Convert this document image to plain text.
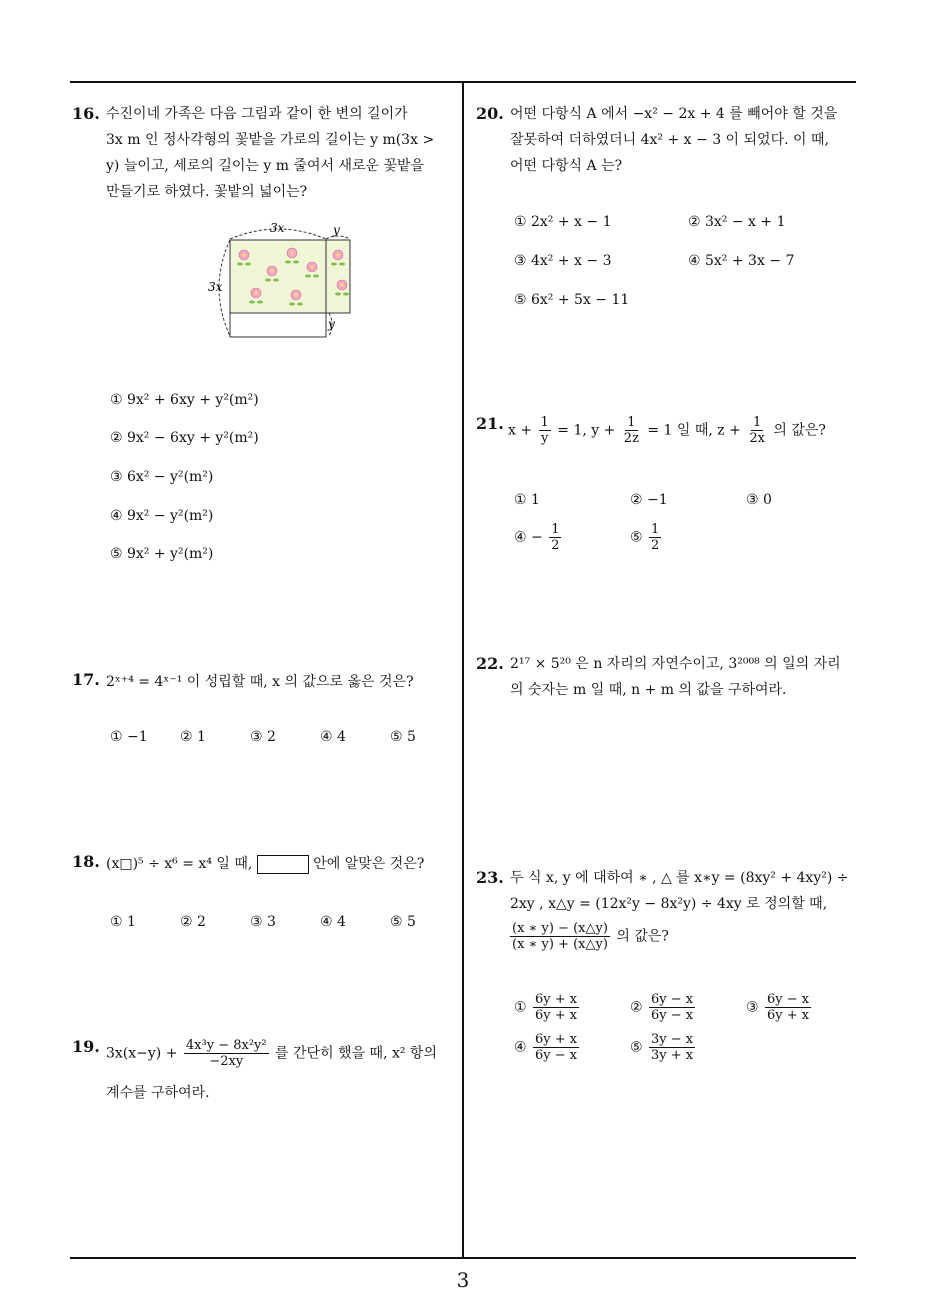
3
16. 수진이네 가족은 다음 그림과 같이 한 변의 길이가
3x m 인 정사각형의 꽃밭을 가로의 길이는 y m(3x >
y) 늘이고, 세로의 길이는 y m 줄여서 새로운 꽃밭을
만들기로 하였다. 꽃밭의 넓이는?
3x	y
3x
y
① 9x² + 6xy + y²(m²)
② 9x² − 6xy + y²(m²)
③ 6x² − y²(m²)
④ 9x² − y²(m²)
⑤ 9x² + y²(m²)
17. 2ˣ⁺⁴ = 4ˣ⁻¹ 이 성립할 때, x 의 값으로 옳은 것은?
① −1 ② 1	③ 2	④ 4	⑤ 5
18. (x□)⁵ ÷ x⁶ = x⁴ 일 때,	안에 알맞은 것은?
① 1	② 2	③ 3	④ 4	⑤ 5
19. $3x(x-y) + \frac{\text{4x³y − 8x²y²}}{-2xy}$ 를 간단히 했을 때, x² 항의
계수를 구하여라.
20. 어떤 다항식 A 에서 −x² − 2x + 4 를 빼어야 할 것을
잘못하여 더하였더니 4x² + x − 3 이 되었다. 이 때,
어떤 다항식 A 는?
① 2x² + x − 1	② 3x² − x + 1
③ 4x² + x − 3	④ 5x² + 3x − 7
⑤ 6x² + 5x − 11
21. $x + \frac{1}{y} = 1$, $y + \frac{1}{2z} = 1$ 일 때, $z + \frac{1}{2x}$ 의 값은?
① 1	② −1	③ 0
④ − $\frac{1}{2}$	⑤ $\frac{1}{2}$
22. 2¹⁷ × 5²⁰ 은 n 자리의 자연수이고, 3²⁰⁰⁸ 의 일의 자리
의 숫자는 m 일 때, n + m 의 값을 구하여라.
23. 두 식 x, y 에 대하여 ∗ , △ 를 x∗y = (8xy² + 4xy²) ÷
2xy , x△y = (12x²y − 8x²y) ÷ 4xy 로 정의할 때,
$\frac{(x ∗ y) - (x\triangle y)}{(x ∗ y) + (x\triangle y)}$ 의 값은?
① $\frac{6y + x}{6y + x}$	② $\frac{6y - x}{6y - x}$	③ $\frac{6y - x}{6y + x}$
④ $\frac{6y + x}{6y - x}$	⑤ $\frac{3y - x}{3y + x}$
